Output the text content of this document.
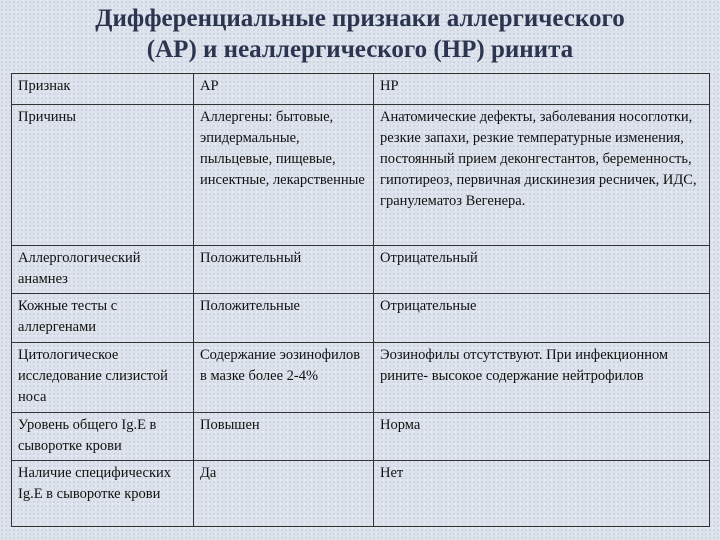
Дифференциальные признаки аллергического
(АР) и неаллергического (НР) ринита
Признак	АР	НР
Причины	Аллергены: бытовые, эпидермальные, пыльцевые, пищевые, инсектные, лекарственные	Анатомические дефекты, заболевания носоглотки, резкие запахи, резкие температурные изменения, постоянный прием деконгестантов, беременность, гипотиреоз, первичная дискинезия ресничек, ИДС, гранулематоз Вегенера.
Аллергологический анамнез	Положительный	Отрицательный
Кожные тесты с аллергенами	Положительные	Отрицательные
Цитологическое исследование слизистой носа	Содержание эозинофилов в мазке более 2-4%	Эозинофилы отсутствуют. При инфекционном рините- высокое содержание нейтрофилов
Уровень общего Ig.E в сыворотке крови	Повышен	Норма
Наличие специфических Ig.E в сыворотке крови	Да	Нет
